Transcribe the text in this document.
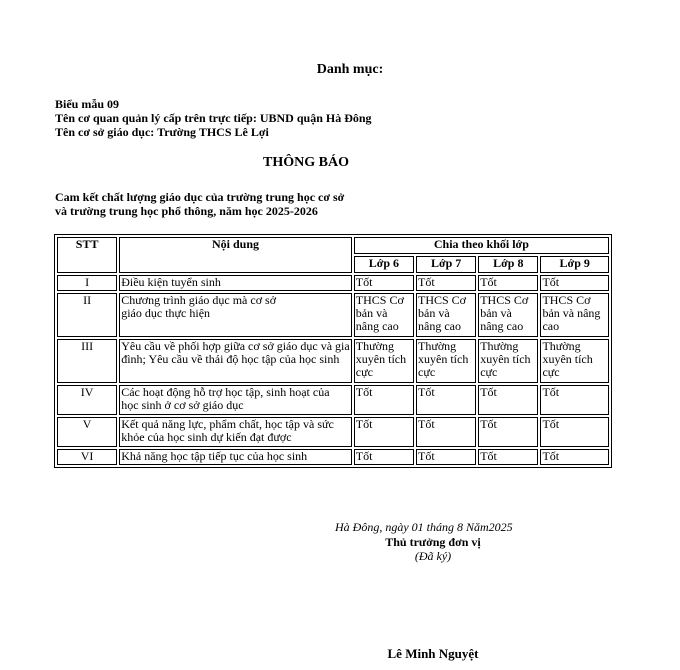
Danh mục:
Biểu mẫu 09
Tên cơ quan quản lý cấp trên trực tiếp: UBND quận Hà Đông
Tên cơ sở giáo dục: Trường THCS Lê Lợi
THÔNG BÁO
Cam kết chất lượng giáo dục của trường trung học cơ sở
và trường trung học phổ thông, năm học 2025-2026
STT	Nội dung	Chia theo khối lớp			
		Lớp 6	Lớp 7	Lớp 8	Lớp 9
I	Điều kiện tuyển sinh	Tốt	Tốt	Tốt	Tốt
II	Chương trình giáo dục mà cơ sở giáo dục thực hiện	THCS Cơ bản và nâng cao	THCS Cơ bản và nâng cao	THCS Cơ bản và nâng cao	THCS Cơ bản và nâng cao
III	Yêu cầu về phối hợp giữa cơ sở giáo dục và gia đình; Yêu cầu về thái độ học tập của học sinh	Thường xuyên tích cực	Thường xuyên tích cực	Thường xuyên tích cực	Thường xuyên tích cực
IV	Các hoạt động hỗ trợ học tập, sinh hoạt của học sinh ở cơ sở giáo dục	Tốt	Tốt	Tốt	Tốt
V	Kết quả năng lực, phẩm chất, học tập và sức khỏe của học sinh dự kiến đạt được	Tốt	Tốt	Tốt	Tốt
VI	Khả năng học tập tiếp tục của học sinh	Tốt	Tốt	Tốt	Tốt
Hà Đông, ngày 01 tháng 8 Năm2025
Thủ trưởng đơn vị
(Đã ký)
Lê Minh Nguyệt
